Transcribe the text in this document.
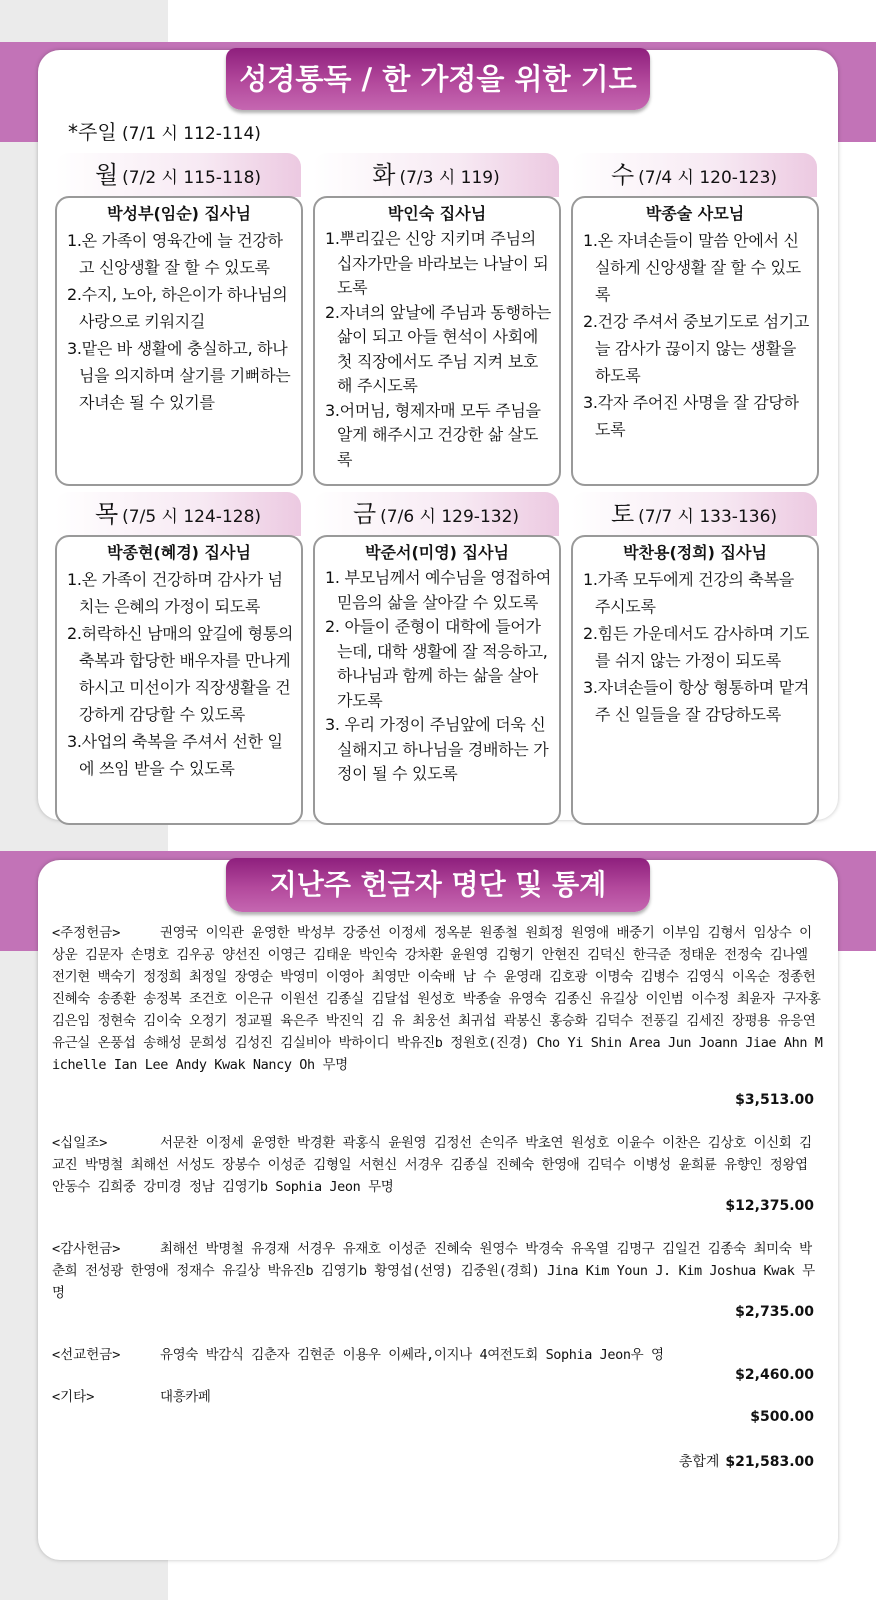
성경통독 / 한 가정을 위한 기도
*주일 (7/1 시 112-114)
월 (7/2 시 115-118)
박성부(임순) 집사님
1.온 가족이 영육간에 늘 건강하고 신앙생활 잘 할 수 있도록
2.수지, 노아, 하은이가 하나님의 사랑으로 키워지길
3.맡은 바 생활에 충실하고, 하나님을 의지하며 살기를 기뻐하는 자녀손 될 수 있기를
화 (7/3 시 119)
박인숙 집사님
1.뿌리깊은 신앙 지키며 주님의 십자가만을 바라보는 나날이 되도록
2.자녀의 앞날에 주님과 동행하는 삶이 되고 아들 현석이 사회에 첫 직장에서도 주님 지켜 보호해 주시도록
3.어머님, 형제자매 모두 주님을 알게 해주시고 건강한 삶 살도록
수 (7/4 시 120-123)
박종술 사모님
1.온 자녀손들이 말씀 안에서 신실하게 신앙생활 잘 할 수 있도록
2.건강 주셔서 중보기도로 섬기고 늘 감사가 끊이지 않는 생활을 하도록
3.각자 주어진 사명을 잘 감당하도록
목 (7/5 시 124-128)
박종현(혜경) 집사님
1.온 가족이 건강하며 감사가 넘치는 은혜의 가정이 되도록
2.허락하신 남매의 앞길에 형통의 축복과 합당한 배우자를 만나게 하시고 미선이가 직장생활을 건강하게 감당할 수 있도록
3.사업의 축복을 주셔서 선한 일에 쓰임 받을 수 있도록
금 (7/6 시 129-132)
박준서(미영) 집사님
1. 부모님께서 예수님을 영접하여 믿음의 삶을 살아갈 수 있도록
2. 아들이 준형이 대학에 들어가는데, 대학 생활에 잘 적응하고, 하나님과 함께 하는 삶을 살아가도록
3. 우리 가정이 주님앞에 더욱 신실해지고 하나님을 경배하는 가정이 될 수 있도록
토 (7/7 시 133-136)
박찬용(정희) 집사님
1.가족 모두에게 건강의 축복을 주시도록
2.힘든 가운데서도 감사하며 기도를 쉬지 않는 가정이 되도록
3.자녀손들이 항상 형통하며 맡겨주 신 일들을 잘 감당하도록
지난주 헌금자 명단 및 통계
<주정헌금>	권영국 이익관 윤영한 박성부 강중선 이정세 정옥분 원종철 원희정 원영애 배중기 이부임 김형서 임상수 이상운 김문자 손명호 김우공 양선진 이영근 김태운 박인숙 강차환 윤원영 김형기 안현진 김덕신 한극준 정태운 전정숙 김나엘 전기현 백숙기 정정희 최정일 장영순 박영미 이영아 최영만 이숙배 남 수 윤영래 김호광 이명숙 김병수 김영식 이옥순 정종헌 진혜숙 송종환 송정복 조건호 이은규 이원선 김종실 김달섭 원성호 박종술 유영숙 김종신 유길상 이인범 이수정 최윤자 구자홍 김은임 정현숙 김이숙 오정기 정교필 육은주 박진익 김 유 최웅선 최귀섭 곽봉신 홍승화 김덕수 전풍길 김세진 장평용 유응연 유근실 온풍섭 송해성 문희성 김성진 김실비아 박하이디 박유진b 정원호(진경) Cho Yi Shin Area Jun Joann Jiae Ahn Michelle Ian Lee Andy Kwak Nancy Oh 무명
$3,513.00
<십일조>	서문찬 이정세 윤영한 박경환 곽홍식 윤원영 김정선 손익주 박초연 원성호 이윤수 이찬은 김상호 이신회 김교진 박명철 최해선 서성도 장봉수 이성준 김형일 서현신 서경우 김종실 진혜숙 한영애 김덕수 이병성 윤희륜 유향인 정왕엽 안동수 김희중 강미경 정남 김영기b Sophia Jeon 무명
$12,375.00
<감사헌금>	최해선 박명철 유경재 서경우 유재호 이성준 진혜숙 원영수 박경숙 유옥열 김명구 김일건 김종숙 최미숙 박춘희 전성광 한영애 정재수 유길상 박유진b 김영기b 황영섭(선영) 김중원(경희) Jina Kim Youn J. Kim Joshua Kwak 무명
$2,735.00
<선교헌금>	유영숙 박감식 김춘자 김현준 이용우 이쎄라,이지나 4여전도회 Sophia Jeon우 영
$2,460.00
<기타>	대흥카페
$500.00
총합계 $21,583.00
